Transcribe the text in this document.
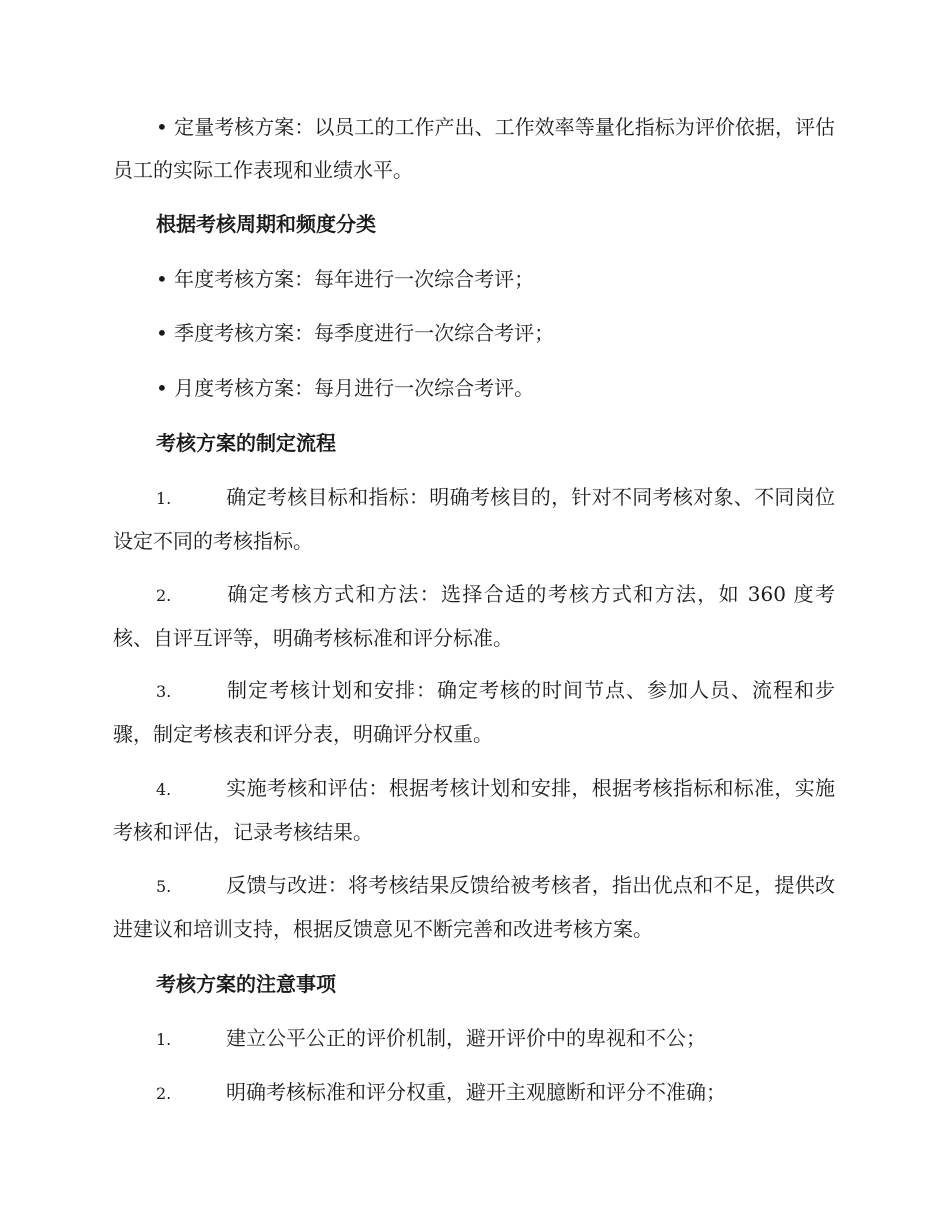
• 定量考核方案：以员工的工作产出、工作效率等量化指标为评价依据，评估员工的实际工作表现和业绩水平。

根据考核周期和频度分类

• 年度考核方案：每年进行一次综合考评；

• 季度考核方案：每季度进行一次综合考评；

• 月度考核方案：每月进行一次综合考评。

考核方案的制定流程

1.	确定考核目标和指标：明确考核目的，针对不同考核对象、不同岗位设定不同的考核指标。

2.	确定考核方式和方法：选择合适的考核方式和方法，如 360 度考核、自评互评等，明确考核标准和评分标准。

3.	制定考核计划和安排：确定考核的时间节点、参加人员、流程和步骤，制定考核表和评分表，明确评分权重。

4.	实施考核和评估：根据考核计划和安排，根据考核指标和标准，实施考核和评估，记录考核结果。

5.	反馈与改进：将考核结果反馈给被考核者，指出优点和不足，提供改进建议和培训支持，根据反馈意见不断完善和改进考核方案。

考核方案的注意事项

1.	建立公平公正的评价机制，避开评价中的卑视和不公；

2.	明确考核标准和评分权重，避开主观臆断和评分不准确；
